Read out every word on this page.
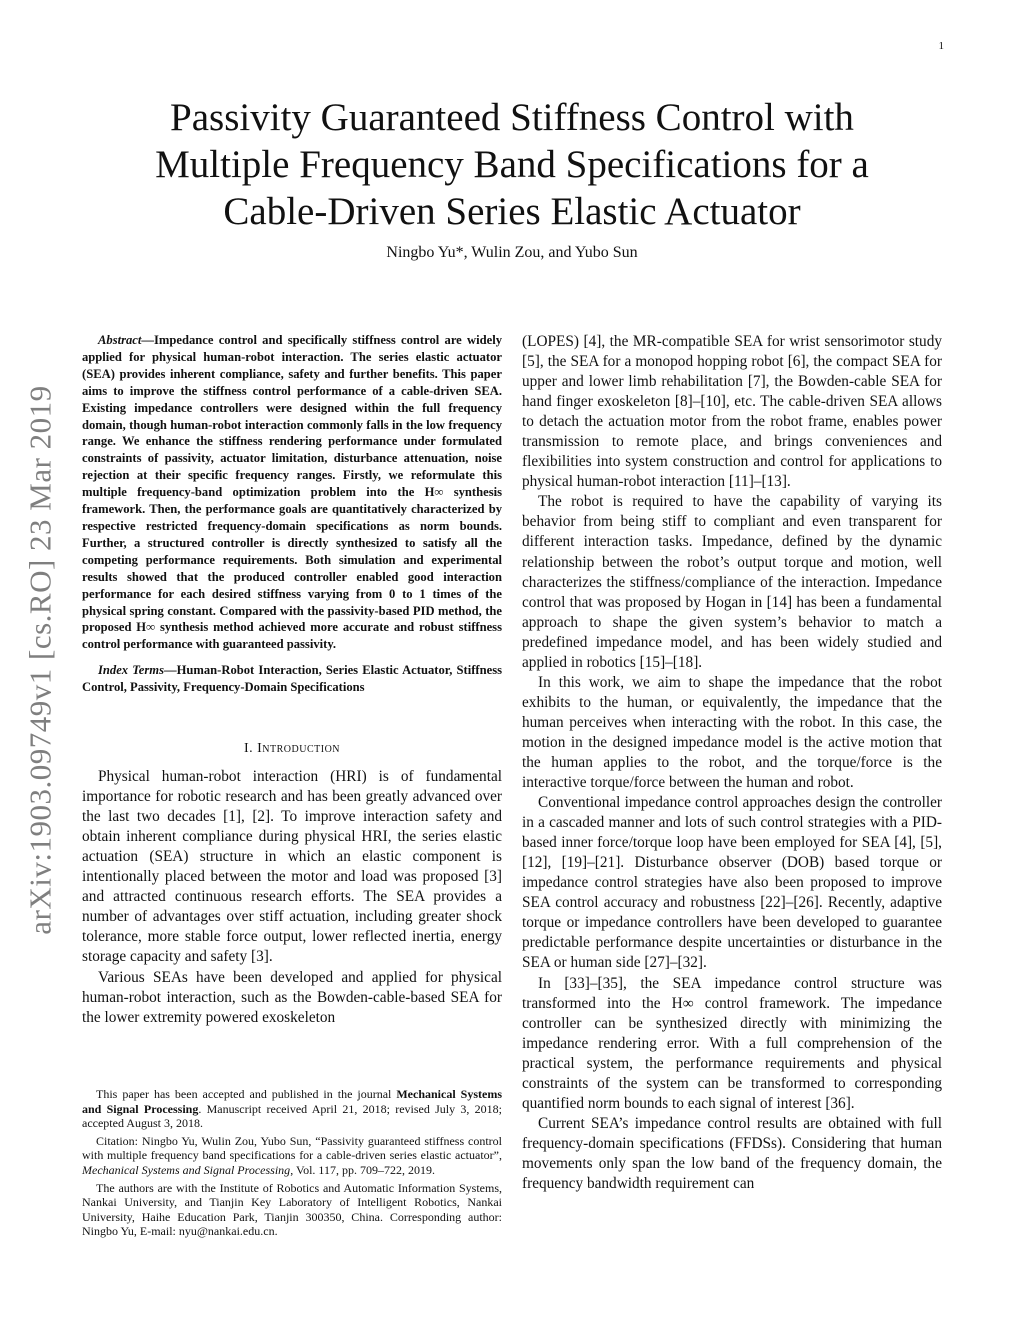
1
arXiv:1903.09749v1 [cs.RO] 23 Mar 2019
Passivity Guaranteed Stiffness Control with Multiple Frequency Band Specifications for a Cable-Driven Series Elastic Actuator
Ningbo Yu*, Wulin Zou, and Yubo Sun

Abstract—Impedance control and specifically stiffness control are widely applied for physical human-robot interaction. The series elastic actuator (SEA) provides inherent compliance, safety and further benefits. This paper aims to improve the stiffness control performance of a cable-driven SEA. Existing impedance controllers were designed within the full frequency domain, though human-robot interaction commonly falls in the low frequency range. We enhance the stiffness rendering performance under formulated constraints of passivity, actuator limitation, disturbance attenuation, noise rejection at their specific frequency ranges. Firstly, we reformulate this multiple frequency-band optimization problem into the H∞ synthesis framework. Then, the performance goals are quantitatively characterized by respective restricted frequency-domain specifications as norm bounds. Further, a structured controller is directly synthesized to satisfy all the competing performance requirements. Both simulation and experimental results showed that the produced controller enabled good interaction performance for each desired stiffness varying from 0 to 1 times of the physical spring constant. Compared with the passivity-based PID method, the proposed H∞ synthesis method achieved more accurate and robust stiffness control performance with guaranteed passivity.

Index Terms—Human-Robot Interaction, Series Elastic Actuator, Stiffness Control, Passivity, Frequency-Domain Specifications

I. Introduction

Physical human-robot interaction (HRI) is of fundamental importance for robotic research and has been greatly advanced over the last two decades [1], [2]. To improve interaction safety and obtain inherent compliance during physical HRI, the series elastic actuation (SEA) structure in which an elastic component is intentionally placed between the motor and load was proposed [3] and attracted continuous research efforts. The SEA provides a number of advantages over stiff actuation, including greater shock tolerance, more stable force output, lower reflected inertia, energy storage capacity and safety [3].

Various SEAs have been developed and applied for physical human-robot interaction, such as the Bowden-cable-based SEA for the lower extremity powered exoskeleton

This paper has been accepted and published in the journal Mechanical Systems and Signal Processing. Manuscript received April 21, 2018; revised July 3, 2018; accepted August 3, 2018.

Citation: Ningbo Yu, Wulin Zou, Yubo Sun, “Passivity guaranteed stiffness control with multiple frequency band specifications for a cable-driven series elastic actuator”, Mechanical Systems and Signal Processing, Vol. 117, pp. 709–722, 2019.

The authors are with the Institute of Robotics and Automatic Information Systems, Nankai University, and Tianjin Key Laboratory of Intelligent Robotics, Nankai University, Haihe Education Park, Tianjin 300350, China. Corresponding author: Ningbo Yu, E-mail: nyu@nankai.edu.cn.

(LOPES) [4], the MR-compatible SEA for wrist sensorimotor study [5], the SEA for a monopod hopping robot [6], the compact SEA for upper and lower limb rehabilitation [7], the Bowden-cable SEA for hand finger exoskeleton [8]–[10], etc. The cable-driven SEA allows to detach the actuation motor from the robot frame, enables power transmission to remote place, and brings conveniences and flexibilities into system construction and control for applications to physical human-robot interaction [11]–[13].

The robot is required to have the capability of varying its behavior from being stiff to compliant and even transparent for different interaction tasks. Impedance, defined by the dynamic relationship between the robot’s output torque and motion, well characterizes the stiffness/compliance of the interaction. Impedance control that was proposed by Hogan in [14] has been a fundamental approach to shape the given system’s behavior to match a predefined impedance model, and has been widely studied and applied in robotics [15]–[18].

In this work, we aim to shape the impedance that the robot exhibits to the human, or equivalently, the impedance that the human perceives when interacting with the robot. In this case, the motion in the designed impedance model is the active motion that the human applies to the robot, and the torque/force is the interactive torque/force between the human and robot.

Conventional impedance control approaches design the controller in a cascaded manner and lots of such control strategies with a PID-based inner force/torque loop have been employed for SEA [4], [5], [12], [19]–[21]. Disturbance observer (DOB) based torque or impedance control strategies have also been proposed to improve SEA control accuracy and robustness [22]–[26]. Recently, adaptive torque or impedance controllers have been developed to guarantee predictable performance despite uncertainties or disturbance in the SEA or human side [27]–[32].

In [33]–[35], the SEA impedance control structure was transformed into the H∞ control framework. The impedance controller can be synthesized directly with minimizing the impedance rendering error. With a full comprehension of the practical system, the performance requirements and physical constraints of the system can be transformed to corresponding quantified norm bounds to each signal of interest [36].

Current SEA’s impedance control results are obtained with full frequency-domain specifications (FFDSs). Considering that human movements only span the low band of the frequency domain, the frequency bandwidth requirement can
